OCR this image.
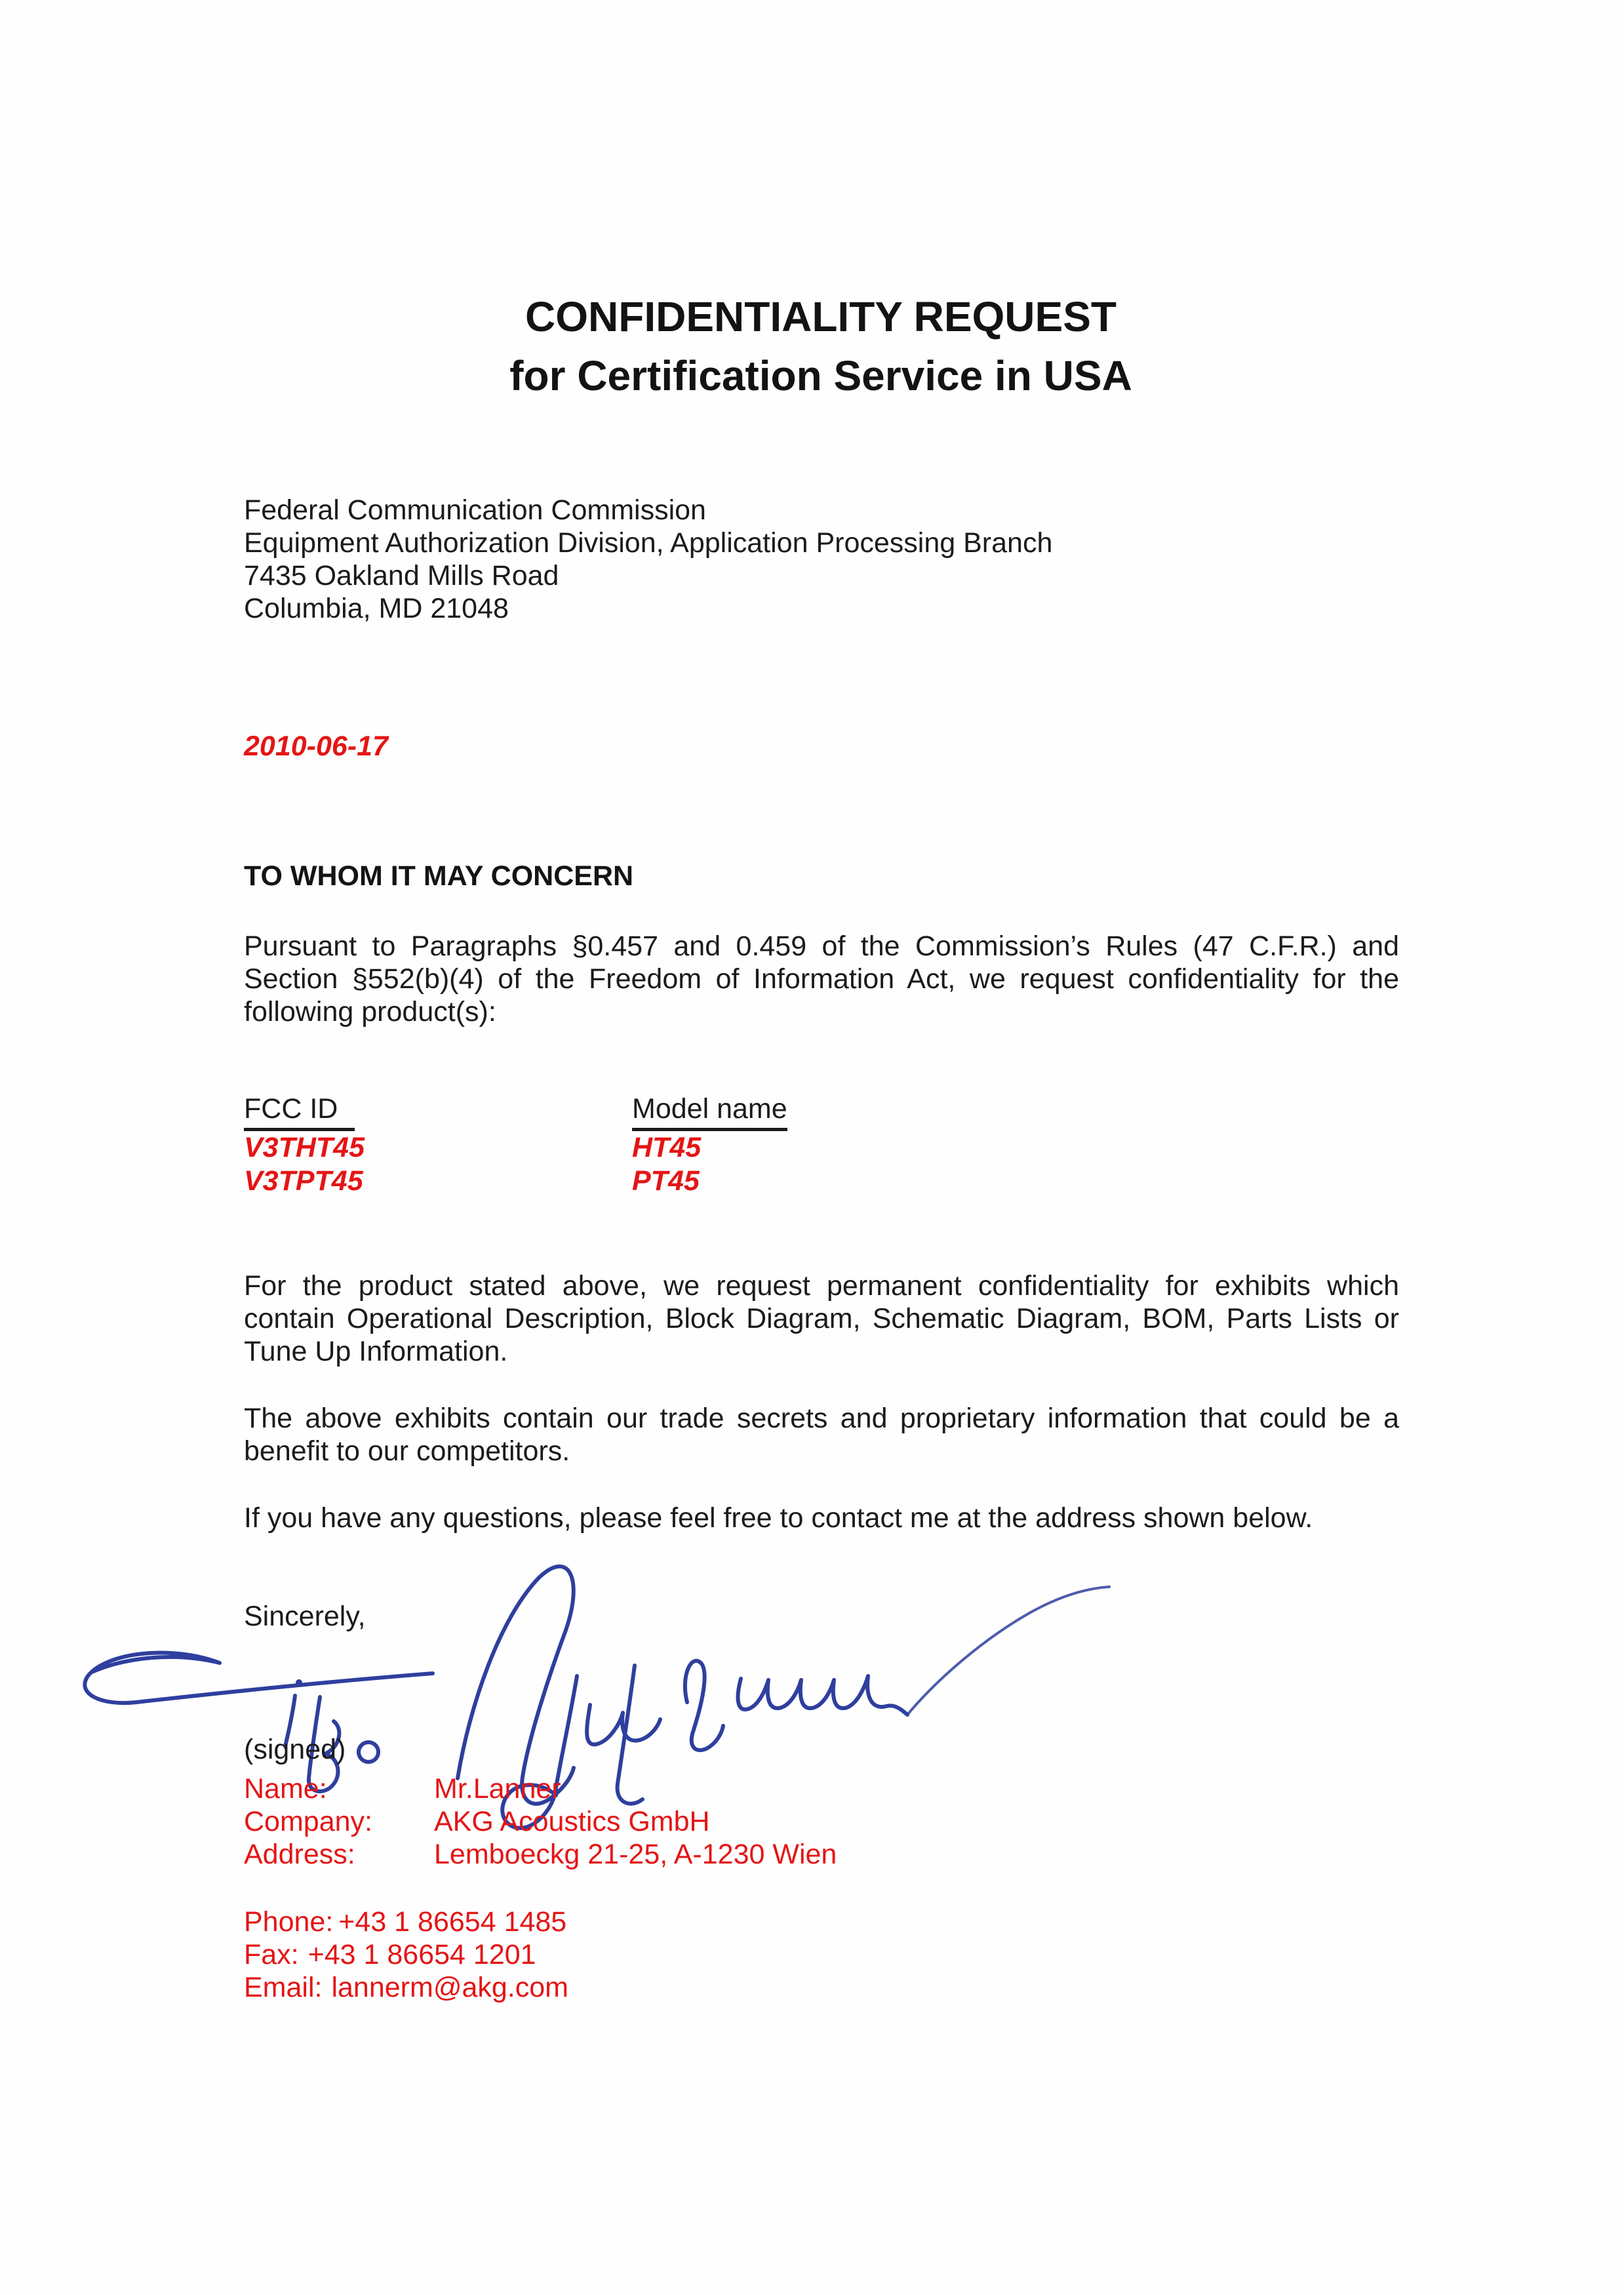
CONFIDENTIALITY REQUEST
for Certification Service in USA
Federal Communication Commission
Equipment Authorization Division, Application Processing Branch
7435 Oakland Mills Road
Columbia, MD 21048
2010-06-17
TO WHOM IT MAY CONCERN
Pursuant to Paragraphs §0.457 and 0.459 of the Commission’s Rules (47 C.F.R.) and Section §552(b)(4) of the Freedom of Information Act, we request confidentiality for the following product(s):
FCC ID	Model name
V3THT45	HT45
V3TPT45	PT45
For the product stated above, we request permanent confidentiality for exhibits which contain Operational Description, Block Diagram, Schematic Diagram, BOM, Parts Lists or Tune Up Information.
The above exhibits contain our trade secrets and proprietary information that could be a benefit to our competitors.
If you have any questions, please feel free to contact me at the address shown below.
Sincerely,
(signed)
Name:	Mr.Lanner
Company: AKG Acoustics GmbH
Address:	Lemboeckg 21-25, A-1230 Wien
Phone: +43 1 86654 1485
Fax: +43 1 86654 1201
Email: lannerm@akg.com
